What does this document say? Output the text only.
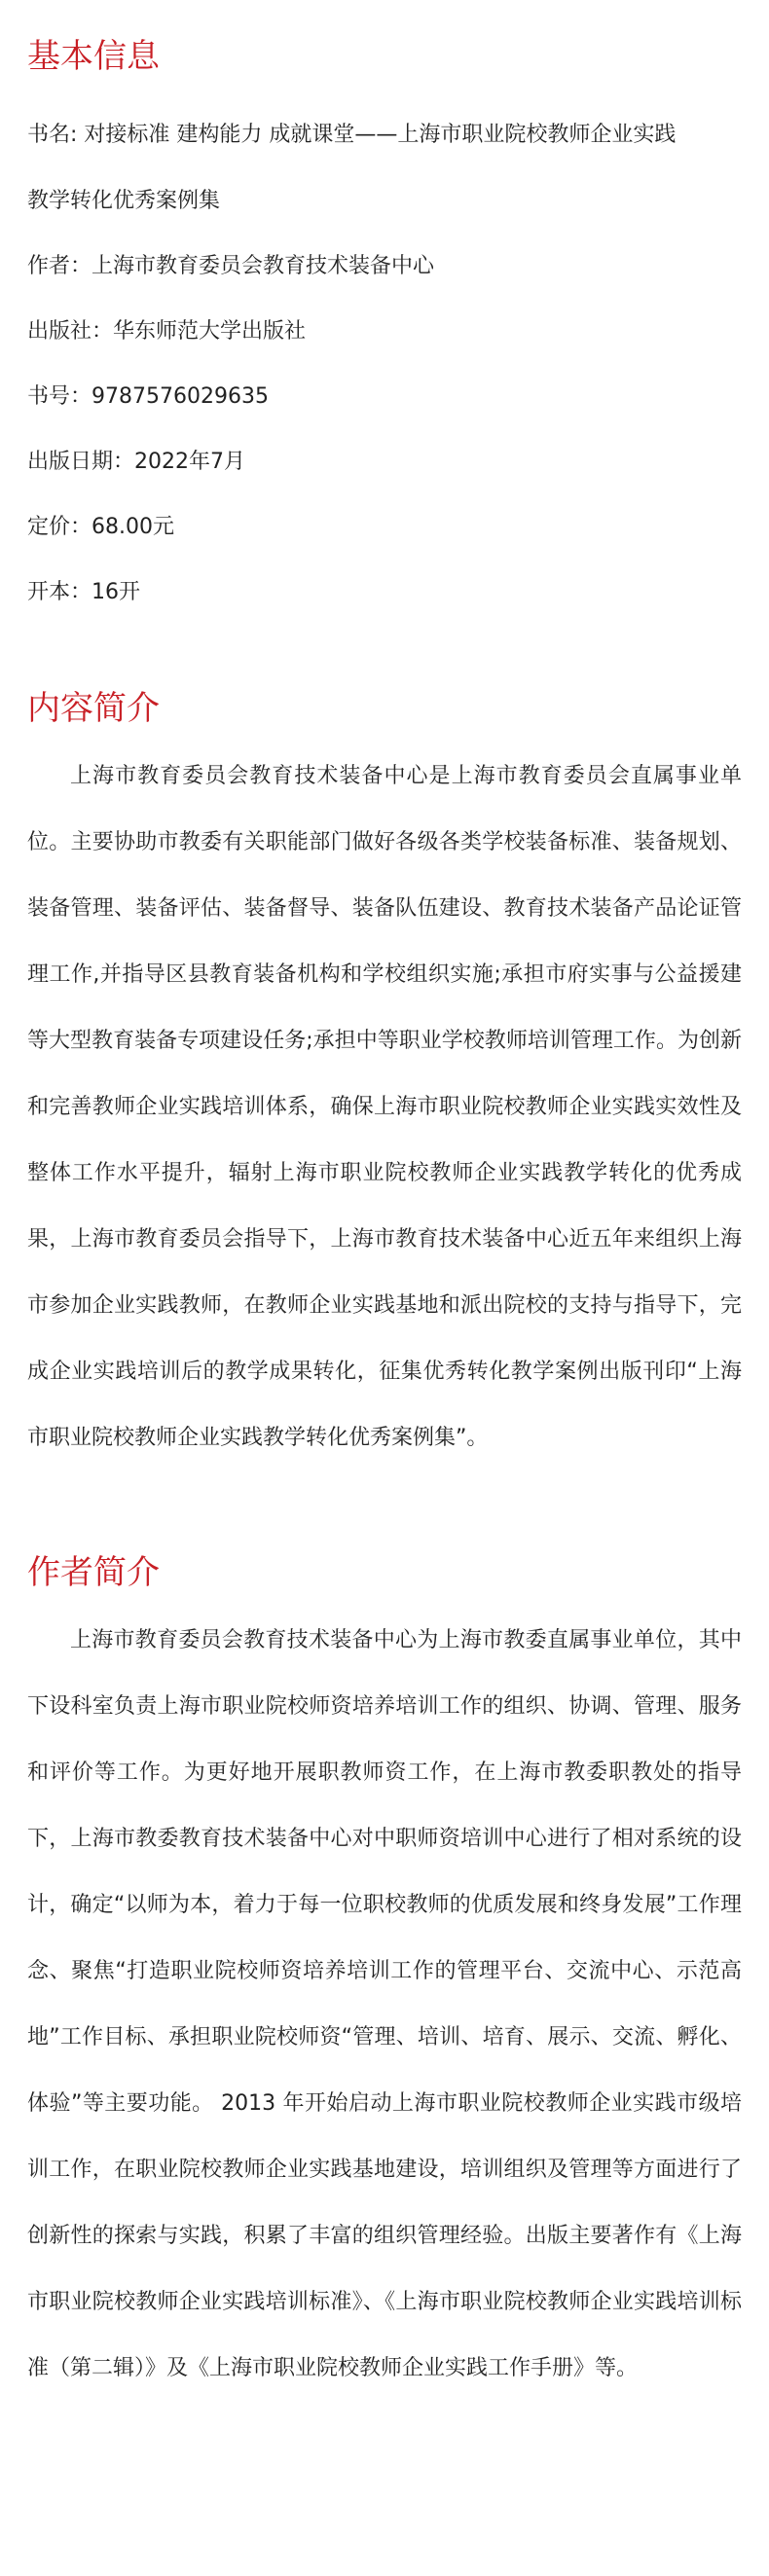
基本信息

书名: 对接标准 建构能力 成就课堂——上海市职业院校教师企业实践

教学转化优秀案例集

作者：上海市教育委员会教育技术装备中心

出版社：华东师范大学出版社

书号：9787576029635

出版日期：2022年7月

定价：68.00元

开本：16开

内容简介

上海市教育委员会教育技术装备中心是上海市教育委员会直属事业单位。主要协助市教委有关职能部门做好各级各类学校装备标准、装备规划、装备管理、装备评估、装备督导、装备队伍建设、教育技术装备产品论证管理工作,并指导区县教育装备机构和学校组织实施;承担市府实事与公益援建等大型教育装备专项建设任务;承担中等职业学校教师培训管理工作。为创新和完善教师企业实践培训体系，确保上海市职业院校教师企业实践实效性及整体工作水平提升，辐射上海市职业院校教师企业实践教学转化的优秀成果，上海市教育委员会指导下，上海市教育技术装备中心近五年来组织上海市参加企业实践教师，在教师企业实践基地和派出院校的支持与指导下，完成企业实践培训后的教学成果转化，征集优秀转化教学案例出版刊印“上海市职业院校教师企业实践教学转化优秀案例集”。

作者简介

上海市教育委员会教育技术装备中心为上海市教委直属事业单位，其中下设科室负责上海市职业院校师资培养培训工作的组织、协调、管理、服务和评价等工作。为更好地开展职教师资工作，在上海市教委职教处的指导下，上海市教委教育技术装备中心对中职师资培训中心进行了相对系统的设计，确定“以师为本，着力于每一位职校教师的优质发展和终身发展”工作理念、聚焦“打造职业院校师资培养培训工作的管理平台、交流中心、示范高地”工作目标、承担职业院校师资“管理、培训、培育、展示、交流、孵化、体验”等主要功能。 2013 年开始启动上海市职业院校教师企业实践市级培训工作，在职业院校教师企业实践基地建设，培训组织及管理等方面进行了创新性的探索与实践，积累了丰富的组织管理经验。出版主要著作有《上海市职业院校教师企业实践培训标准》、《上海市职业院校教师企业实践培训标准（第二辑）》及《上海市职业院校教师企业实践工作手册》等。
